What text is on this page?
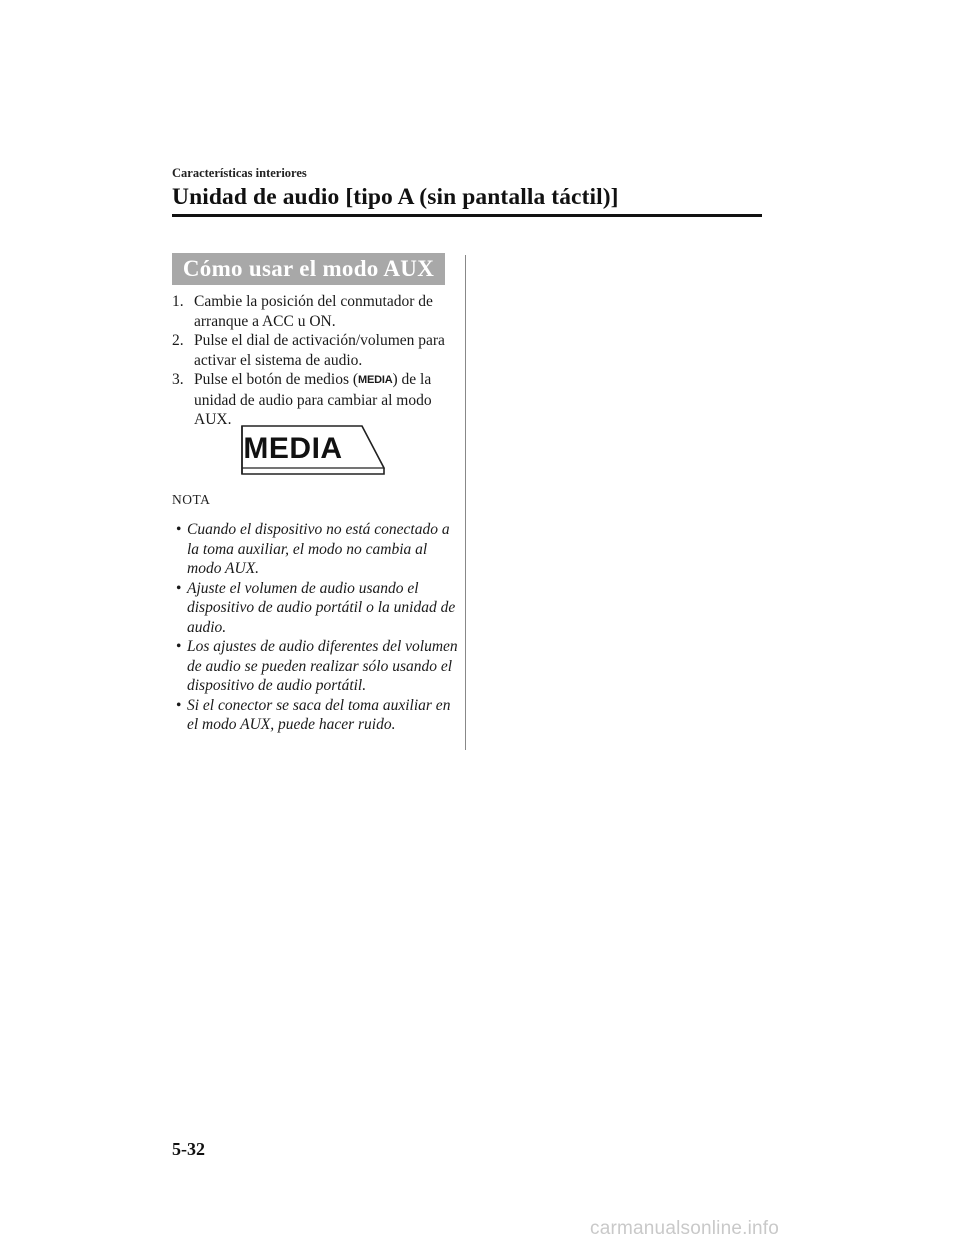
Características interiores
Unidad de audio [tipo A (sin pantalla táctil)]
Cómo usar el modo AUX
1. Cambie la posición del conmutador de arranque a ACC u ON.
2. Pulse el dial de activación/volumen para activar el sistema de audio.
3. Pulse el botón de medios (MEDIA) de la unidad de audio para cambiar al modo AUX.
MEDIA
NOTA
• Cuando el dispositivo no está conectado a la toma auxiliar, el modo no cambia al modo AUX.
• Ajuste el volumen de audio usando el dispositivo de audio portátil o la unidad de audio.
• Los ajustes de audio diferentes del volumen de audio se pueden realizar sólo usando el dispositivo de audio portátil.
• Si el conector se saca del toma auxiliar en el modo AUX, puede hacer ruido.
5-32
carmanualsonline.info
